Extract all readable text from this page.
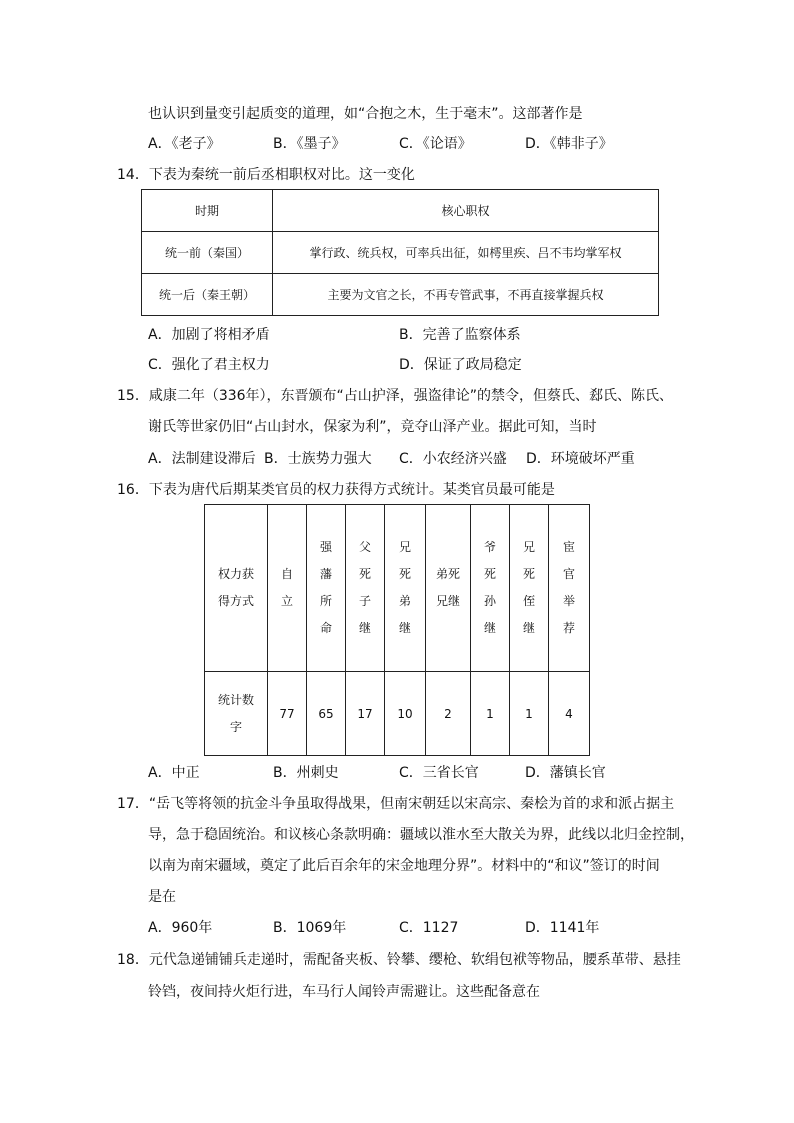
也认识到量变引起质变的道理，如“合抱之木，生于毫末”。这部著作是
A．《老子》	B．《墨子》	C．《论语》	D．《韩非子》
14．下表为秦统一前后丞相职权对比。这一变化
时期	核心职权
统一前（秦国）	掌行政、统兵权，可率兵出征，如樗里疾、吕不韦均掌军权
统一后（秦王朝）	主要为文官之长，不再专管武事，不再直接掌握兵权
A．加剧了将相矛盾	B．完善了监察体系
C．强化了君主权力	D．保证了政局稳定
15．咸康二年（336年），东晋颁布“占山护泽，强盗律论”的禁令，但蔡氏、郄氏、陈氏、
谢氏等世家仍旧“占山封水，保家为利”，竞夺山泽产业。据此可知，当时
A．法制建设滞后 B．士族势力强大 C．小农经济兴盛 D．环境破坏严重
16．下表为唐代后期某类官员的权力获得方式统计。某类官员最可能是
权力获
得方式	自
立	强
藩
所
命	父
死
子
继	兄
死
弟
继	弟死
兄继	爷
死
孙
继	兄
死
侄
继	宦
官
举
荐

统计数
字	77	65	17	10	2	1	1	4
A．中正	B．州刺史	C．三省长官	D．藩镇长官
17．“岳飞等将领的抗金斗争虽取得战果，但南宋朝廷以宋高宗、秦桧为首的求和派占据主
导，急于稳固统治。和议核心条款明确：疆域以淮水至大散关为界，此线以北归金控制，
以南为南宋疆域，奠定了此后百余年的宋金地理分界”。材料中的“和议”签订的时间
是在
A．960年	B．1069年	C．1127	D．1141年
18．元代急递铺铺兵走递时，需配备夹板、铃攀、缨枪、软绢包袱等物品，腰系革带、悬挂
铃铛，夜间持火炬行进，车马行人闻铃声需避让。这些配备意在
